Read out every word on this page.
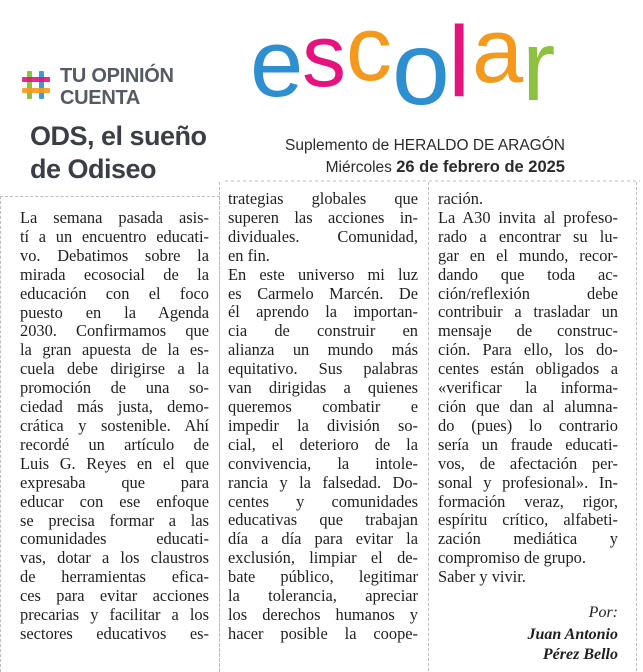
TU OPINIÓN
CUENTA
ODS, el sueño de Odiseo
e
s c o
l a
r
Suplemento de HERALDO DE ARAGÓN
Miércoles 26 de febrero de 2025
La semana pasada asis-
tí a un encuentro educati-
vo. Debatimos sobre la
mirada ecosocial de la
educación con el foco
puesto en la Agenda
2030. Confirmamos que
la gran apuesta de la es-
cuela debe dirigirse a la
promoción de una so-
ciedad más justa, demo-
crática y sostenible. Ahí
recordé un artículo de
Luis G. Reyes en el que
expresaba que para
educar con ese enfoque
se precisa formar a las
comunidades educati-
vas, dotar a los claustros
de herramientas efica-
ces para evitar acciones
precarias y facilitar a los
sectores educativos es-
trategias globales que
superen las acciones in-
dividuales. Comunidad,
en fin.
En este universo mi luz
es Carmelo Marcén. De
él aprendo la importan-
cia de construir en
alianza un mundo más
equitativo. Sus palabras
van dirigidas a quienes
queremos combatir e
impedir la división so-
cial, el deterioro de la
convivencia, la intole-
rancia y la falsedad. Do-
centes y comunidades
educativas que trabajan
día a día para evitar la
exclusión, limpiar el de-
bate público, legitimar
la tolerancia, apreciar
los derechos humanos y
hacer posible la coope-
ración.
La A30 invita al profeso-
rado a encontrar su lu-
gar en el mundo, recor-
dando que toda ac-
ción/reflexión debe
contribuir a trasladar un
mensaje de construc-
ción. Para ello, los do-
centes están obligados a
«verificar la informa-
ción que dan al alumna-
do (pues) lo contrario
sería un fraude educati-
vos, de afectación per-
sonal y profesional». In-
formación veraz, rigor,
espíritu crítico, alfabeti-
zación mediática y
compromiso de grupo.
Saber y vivir.
Por:
Juan Antonio
Pérez Bello
